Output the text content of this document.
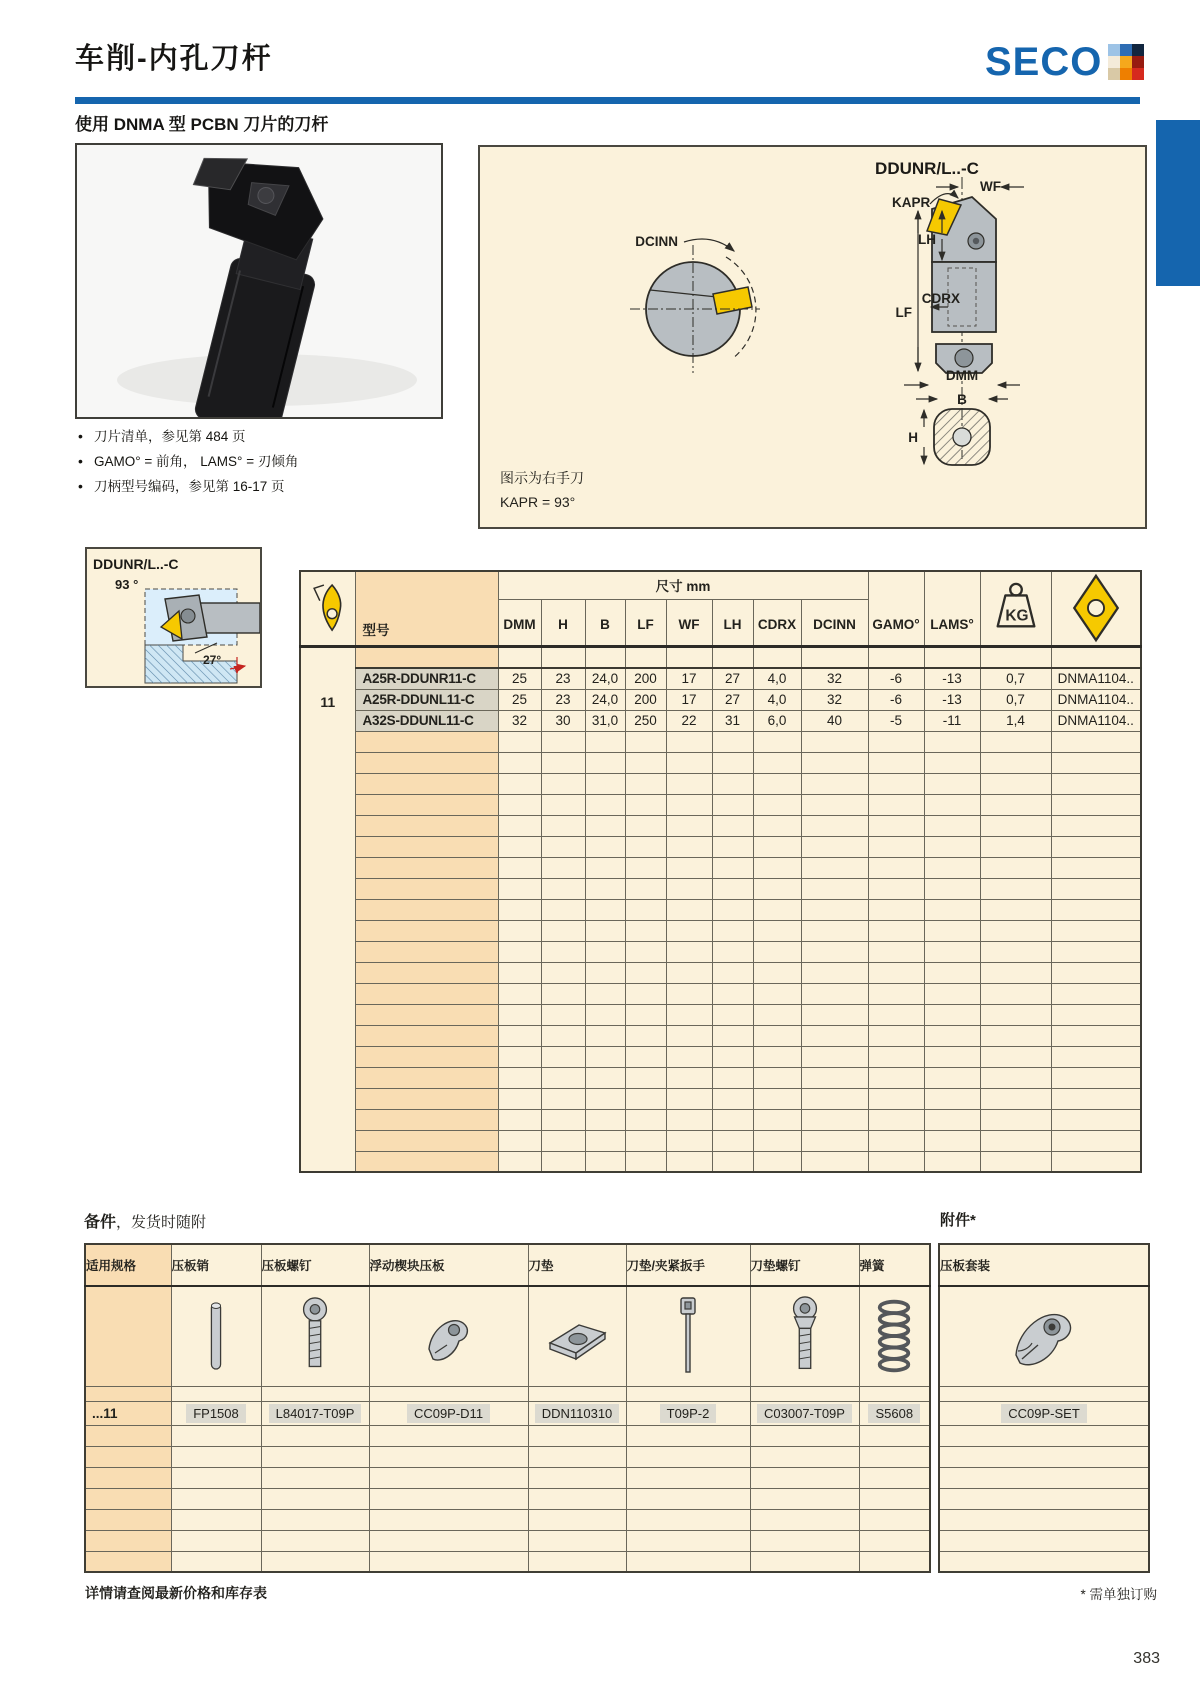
车削-内孔刀杆	SECO
使用 DNMA 型 PCBN 刀片的刀杆
• 刀片清单，参见第 484 页
• GAMO° = 前角， LAMS° = 刃倾角
• 刀柄型号编码，参见第 16-17 页
DDUNR/L..-C
DCINN
WF
KAPR
LH
LF
CDRX
DMM
B
H
图示为右手刀
KAPR = 93°
DDUNR/L..-C
93 °
27°
	型号	尺寸 mm								GAMO°	LAMS°	KG

		DMM	H	B	LF	WF	LH	CDRX	DCINN				

11													

	A25R-DDUNR11-C	25	23	24,0	200	17	27	4,0	32	-6	-13	0,7	DNMA1104..
	A25R-DDUNL11-C	25	23	24,0	200	17	27	4,0	32	-6	-13	0,7	DNMA1104..
	A32S-DDUNL11-C	32	30	31,0	250	22	31	6,0	40	-5	-11	1,4	DNMA1104..

备件，发货时随附	附件*
适用规格	压板销	压板螺钉	浮动楔块压板	刀垫	刀垫/夹紧扳手	刀垫螺钉	弹簧

...11	FP1508	L84017-T09P	CC09P-D11	DDN110310	T09P-2	C03007-T09P	S5608

压板套装

CC09P-SET

详情请查阅最新价格和库存表	* 需单独订购
383
